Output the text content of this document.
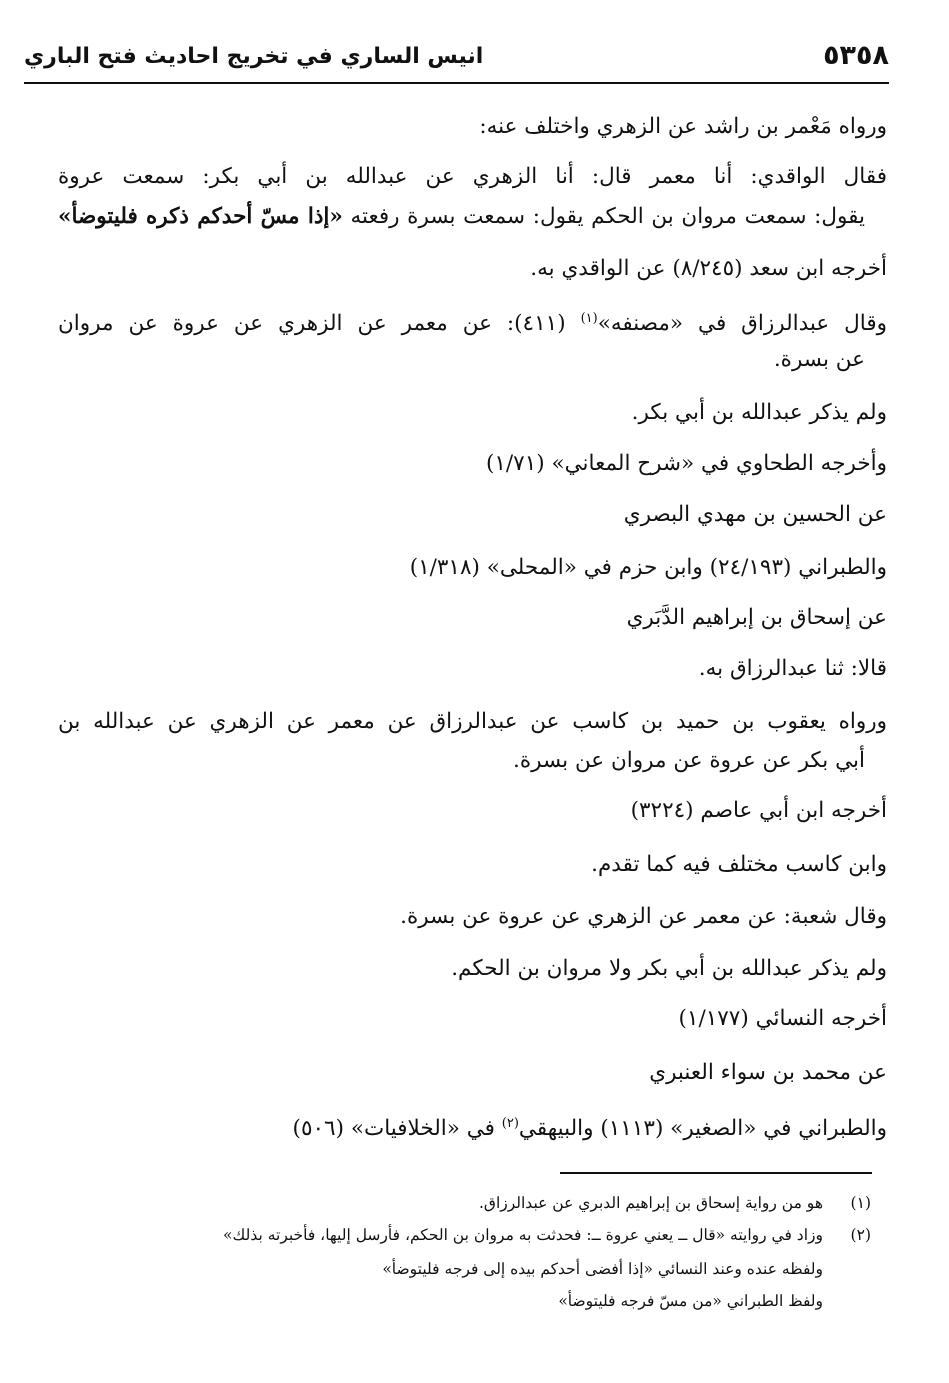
٥٣٥٨
انيس الساري في تخريج احاديث فتح الباري
ورواه مَعْمر بن راشد عن الزهري واختلف عنه:
فقال الواقدي: أنا معمر قال: أنا الزهري عن عبدالله بن أبي بكر: سمعت عروة
يقول: سمعت مروان بن الحكم يقول: سمعت بسرة رفعته «إذا مسّ أحدكم ذكره فليتوضأ»
أخرجه ابن سعد (٨/٢٤٥) عن الواقدي به.
وقال عبدالرزاق في «مصنفه»$^{(١)}$ (٤١١): عن معمر عن الزهري عن عروة عن مروان
عن بسرة.
ولم يذكر عبدالله بن أبي بكر.
وأخرجه الطحاوي في «شرح المعاني» (١/٧١)
عن الحسين بن مهدي البصري
والطبراني (٢٤/١٩٣) وابن حزم في «المحلى» (١/٣١٨)
عن إسحاق بن إبراهيم الدَّبَري
قالا: ثنا عبدالرزاق به.
ورواه يعقوب بن حميد بن كاسب عن عبدالرزاق عن معمر عن الزهري عن عبدالله بن
أبي بكر عن عروة عن مروان عن بسرة.
أخرجه ابن أبي عاصم (٣٢٢٤)
وابن كاسب مختلف فيه كما تقدم.
وقال شعبة: عن معمر عن الزهري عن عروة عن بسرة.
ولم يذكر عبدالله بن أبي بكر ولا مروان بن الحكم.
أخرجه النسائي (١/١٧٧)
عن محمد بن سواء العنبري
والطبراني في «الصغير» (١١١٣) والبيهقي$^{(٢)}$ في «الخلافيات» (٥٠٦)
(١)
هو من رواية إسحاق بن إبراهيم الدبري عن عبدالرزاق.
(٢)
وزاد في روايته «قال ــ يعني عروة ــ: فحدثت به مروان بن الحكم، فأرسل إليها، فأخبرته بذلك»
ولفظه عنده وعند النسائي «إذا أفضى أحدكم بيده إلى فرجه فليتوضأ»
ولفظ الطبراني «من مسّ فرجه فليتوضأ»
